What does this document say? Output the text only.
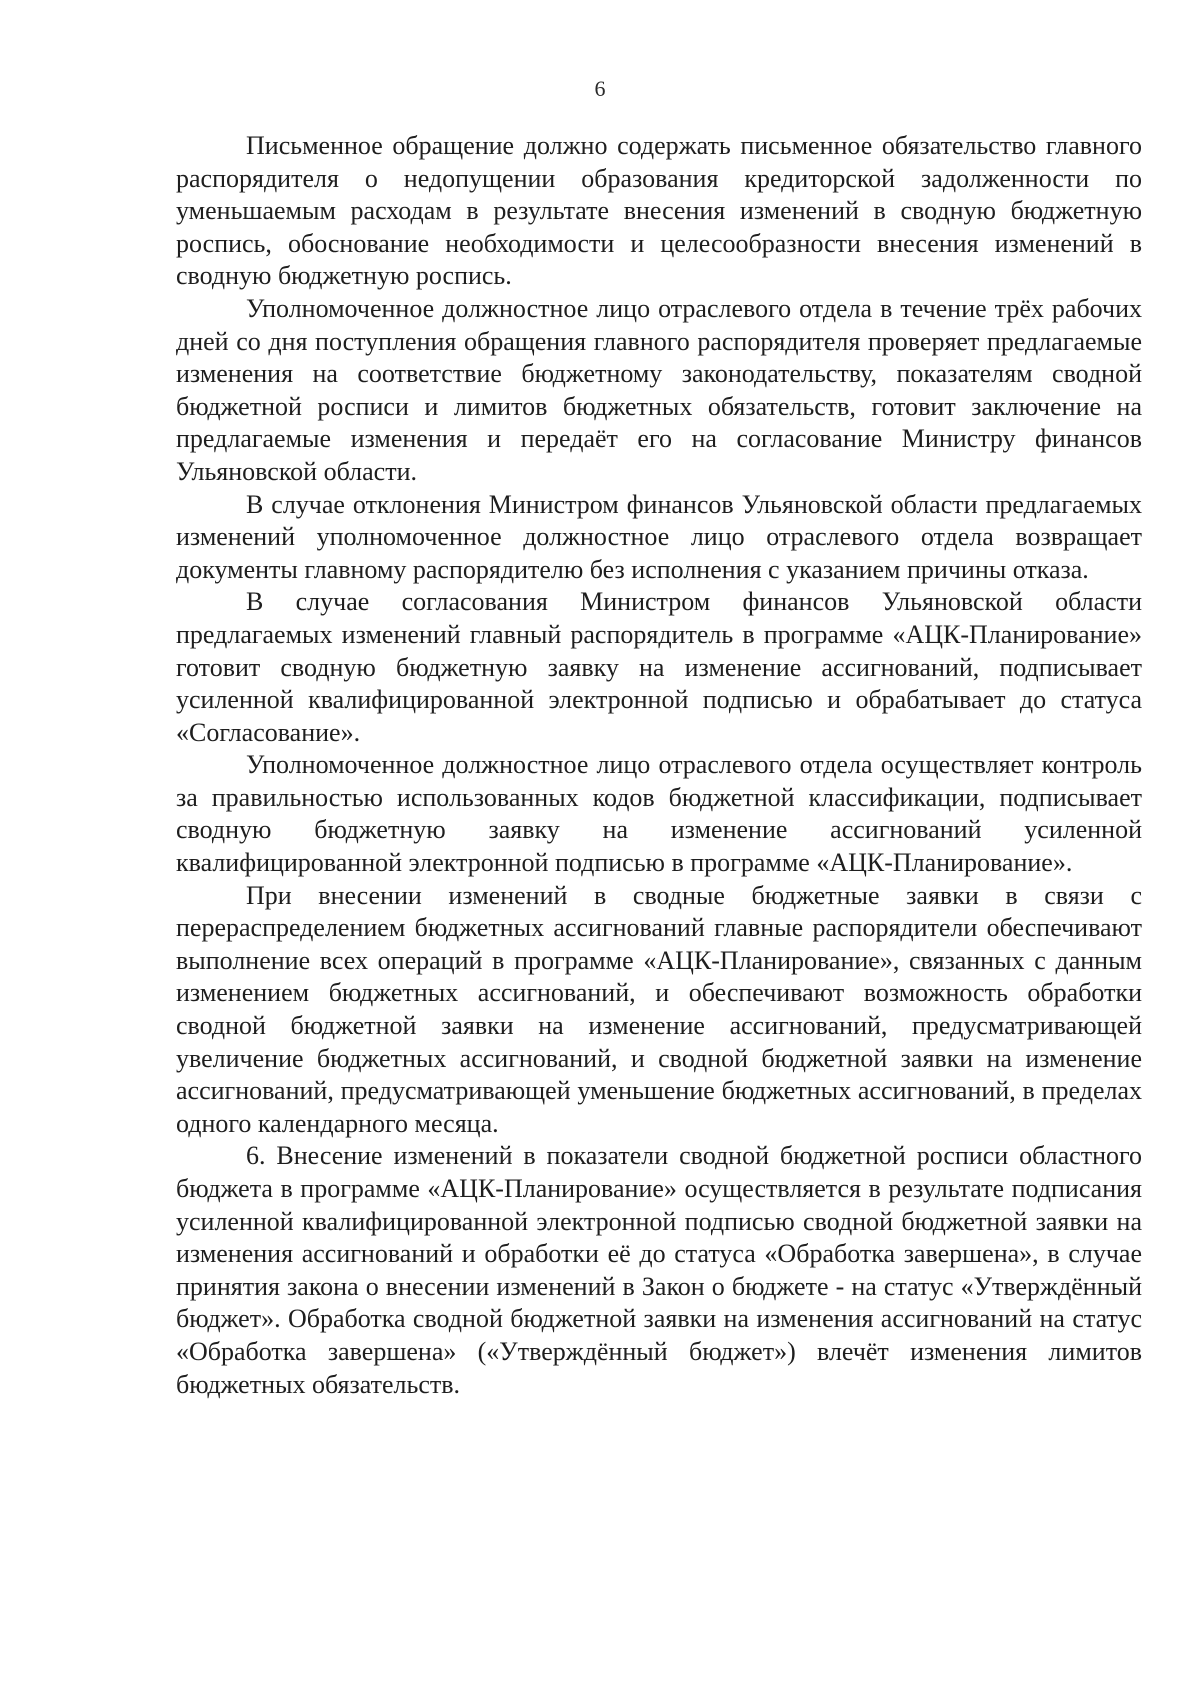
6

Письменное обращение должно содержать письменное обязательство главного распорядителя о недопущении образования кредиторской задолженности по уменьшаемым расходам в результате внесения изменений в сводную бюджетную роспись, обоснование необходимости и целесообразности внесения изменений в сводную бюджетную роспись.

Уполномоченное должностное лицо отраслевого отдела в течение трёх рабочих дней со дня поступления обращения главного распорядителя проверяет предлагаемые изменения на соответствие бюджетному законодательству, показателям сводной бюджетной росписи и лимитов бюджетных обязательств, готовит заключение на предлагаемые изменения и передаёт его на согласование Министру финансов Ульяновской области.

В случае отклонения Министром финансов Ульяновской области предлагаемых изменений уполномоченное должностное лицо отраслевого отдела возвращает документы главному распорядителю без исполнения с указанием причины отказа.

В случае согласования Министром финансов Ульяновской области предлагаемых изменений главный распорядитель в программе «АЦК-Планирование» готовит сводную бюджетную заявку на изменение ассигнований, подписывает усиленной квалифицированной электронной подписью и обрабатывает до статуса «Согласование».

Уполномоченное должностное лицо отраслевого отдела осуществляет контроль за правильностью использованных кодов бюджетной классификации, подписывает сводную бюджетную заявку на изменение ассигнований усиленной квалифицированной электронной подписью в программе «АЦК-Планирование».

При внесении изменений в сводные бюджетные заявки в связи с перераспределением бюджетных ассигнований главные распорядители обеспечивают выполнение всех операций в программе «АЦК-Планирование», связанных с данным изменением бюджетных ассигнований, и обеспечивают возможность обработки сводной бюджетной заявки на изменение ассигнований, предусматривающей увеличение бюджетных ассигнований, и сводной бюджетной заявки на изменение ассигнований, предусматривающей уменьшение бюджетных ассигнований, в пределах одного календарного месяца.

6. Внесение изменений в показатели сводной бюджетной росписи областного бюджета в программе «АЦК-Планирование» осуществляется в результате подписания усиленной квалифицированной электронной подписью сводной бюджетной заявки на изменения ассигнований и обработки её до статуса «Обработка завершена», в случае принятия закона о внесении изменений в Закон о бюджете - на статус «Утверждённый бюджет». Обработка сводной бюджетной заявки на изменения ассигнований на статус «Обработка завершена» («Утверждённый бюджет») влечёт изменения лимитов бюджетных обязательств.
